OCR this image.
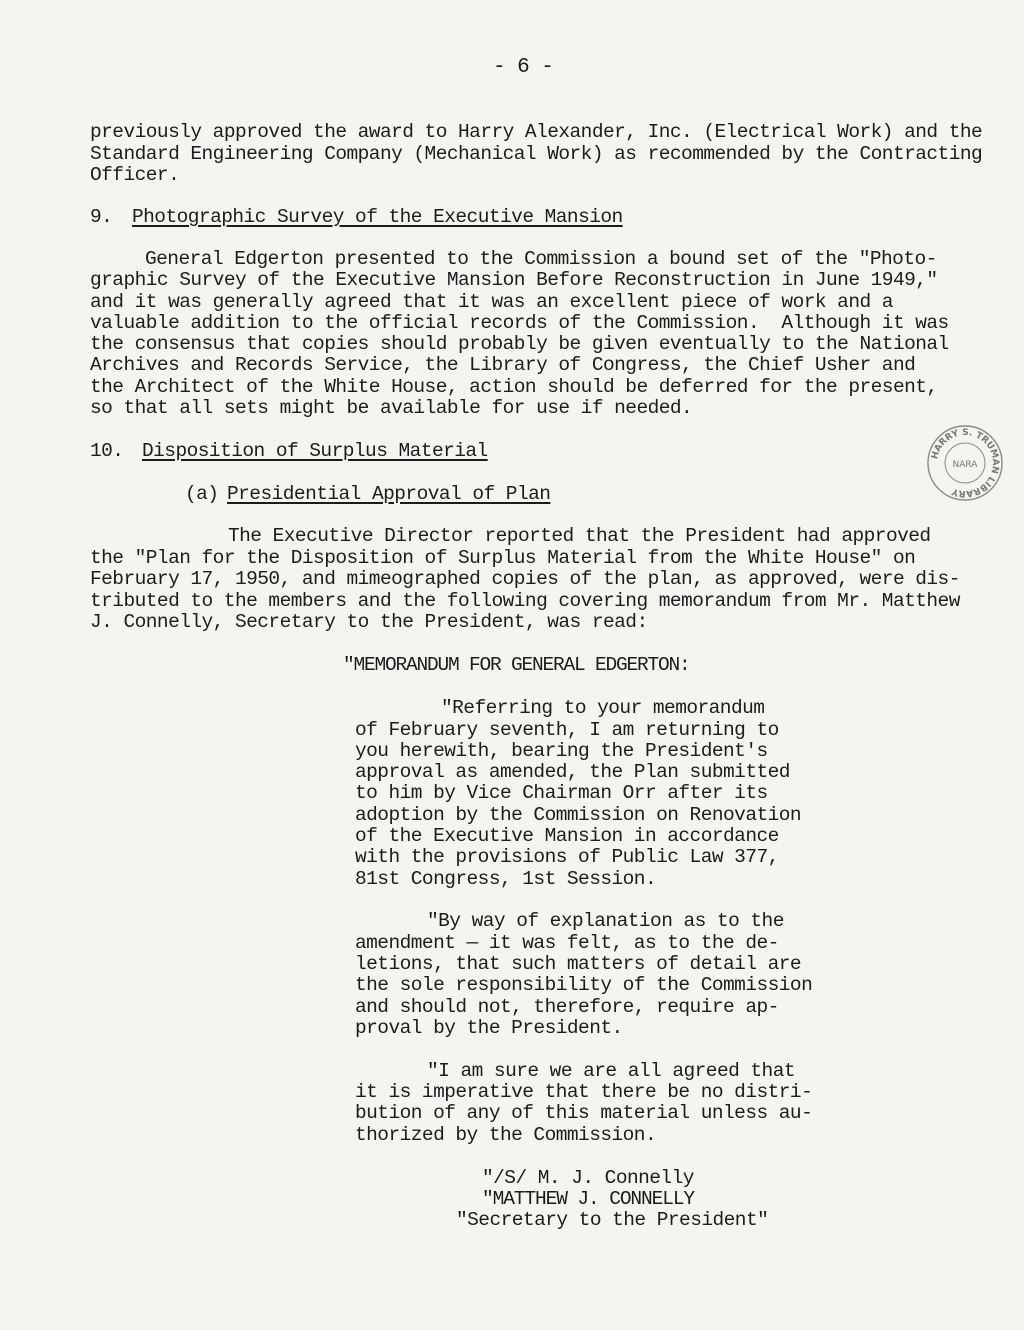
- 6 -
previously approved the award to Harry Alexander, Inc. (Electrical Work) and the
Standard Engineering Company (Mechanical Work) as recommended by the Contracting
Officer.
9. Photographic Survey of the Executive Mansion
General Edgerton presented to the Commission a bound set of the "Photo-
graphic Survey of the Executive Mansion Before Reconstruction in June 1949,"
and it was generally agreed that it was an excellent piece of work and a
valuable addition to the official records of the Commission.  Although it was
the consensus that copies should probably be given eventually to the National
Archives and Records Service, the Library of Congress, the Chief Usher and
the Architect of the White House, action should be deferred for the present,
so that all sets might be available for use if needed.
10. Disposition of Surplus Material
(a) Presidential Approval of Plan
The Executive Director reported that the President had approved
the "Plan for the Disposition of Surplus Material from the White House" on
February 17, 1950, and mimeographed copies of the plan, as approved, were dis-
tributed to the members and the following covering memorandum from Mr. Matthew
J. Connelly, Secretary to the President, was read:
"MEMORANDUM FOR GENERAL EDGERTON:
"Referring to your memorandum
of February seventh, I am returning to
you herewith, bearing the President's
approval as amended, the Plan submitted
to him by Vice Chairman Orr after its
adoption by the Commission on Renovation
of the Executive Mansion in accordance
with the provisions of Public Law 377,
81st Congress, 1st Session.
"By way of explanation as to the
amendment — it was felt, as to the de-
letions, that such matters of detail are
the sole responsibility of the Commission
and should not, therefore, require ap-
proval by the President.
"I am sure we are all agreed that
it is imperative that there be no distri-
bution of any of this material unless au-
thorized by the Commission.
"/S/ M. J. Connelly
"MATTHEW J. CONNELLY
"Secretary to the President"
HARRY S. TRUMAN LIBRARY
NARA
